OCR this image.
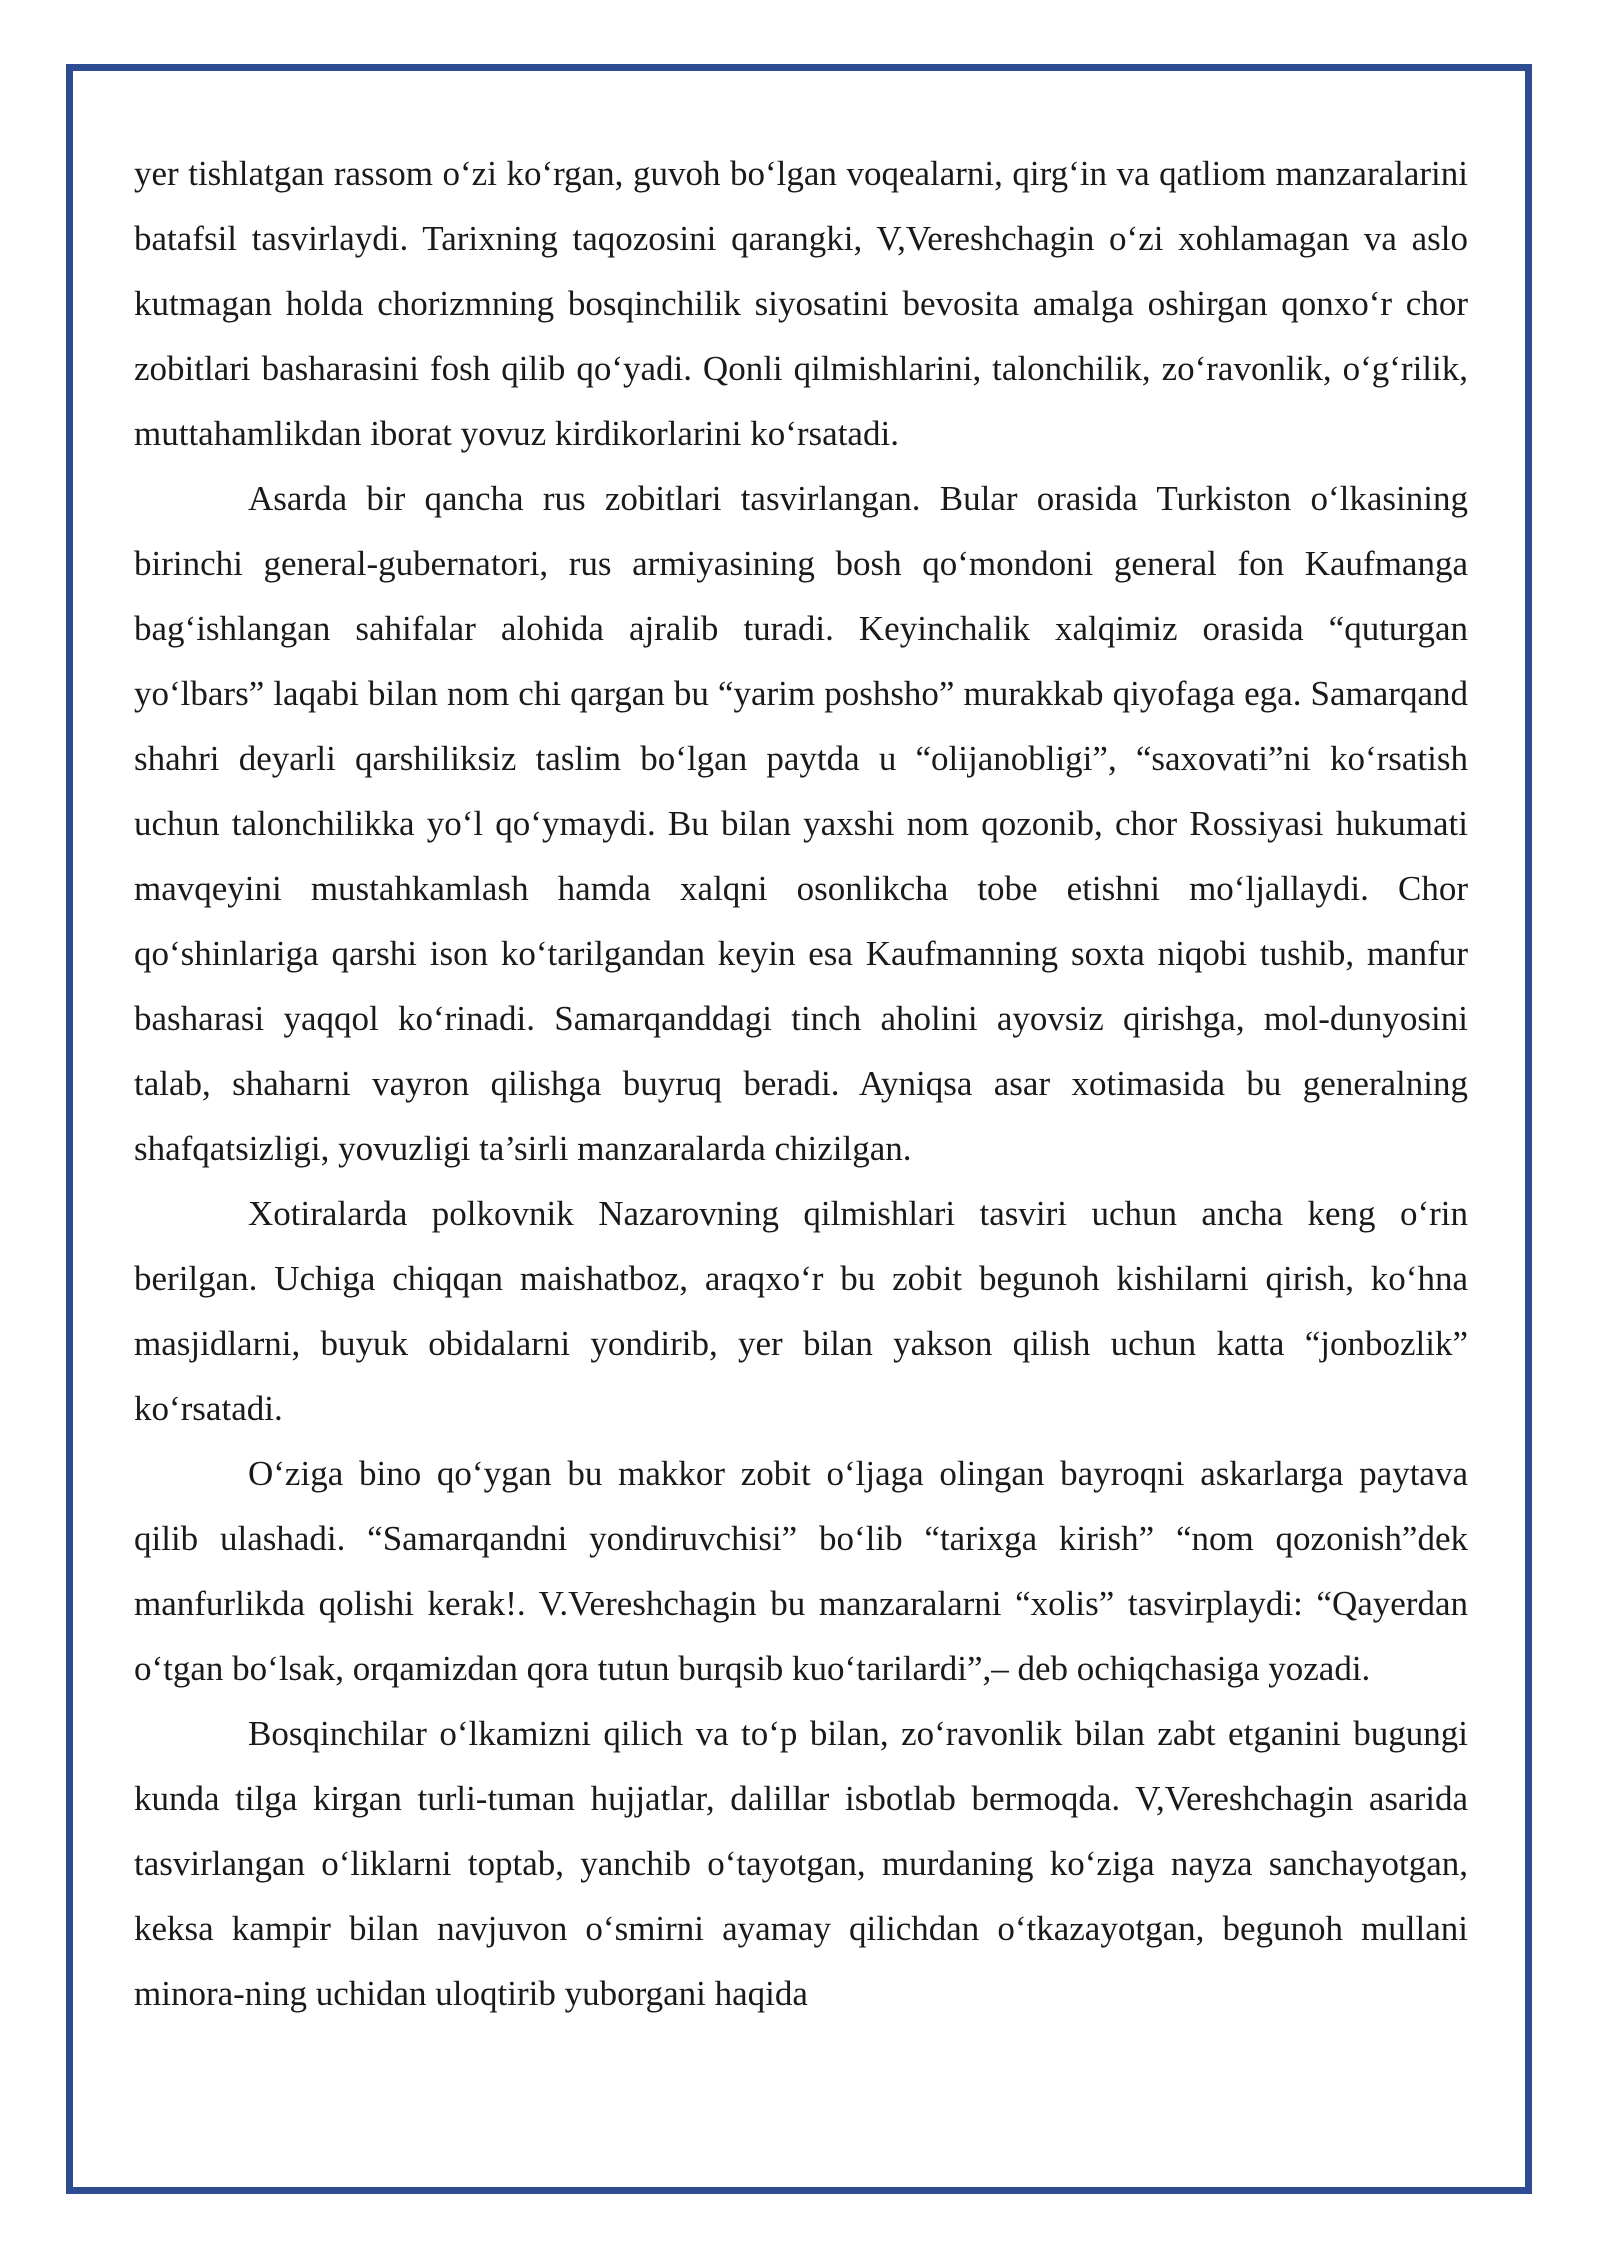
yer tishlatgan rassom o‘zi ko‘rgan, guvoh bo‘lgan voqealarni, qirg‘in va qatliom manzaralarini batafsil tasvirlaydi. Tarixning taqozosini qarangki, V,Vereshchagin o‘zi xohlamagan va aslo kutmagan holda chorizmning bosqinchilik siyosatini bevosita amalga oshirgan qonxo‘r chor zobitlari basharasini fosh qilib qo‘yadi. Qonli qilmishlarini, talonchilik, zo‘ravonlik, o‘g‘rilik, muttahamlikdan iborat yovuz kirdikorlarini ko‘rsatadi.

Asarda bir qancha rus zobitlari tasvirlangan. Bular orasida Turkiston o‘lkasining birinchi general-gubernatori, rus armiyasining bosh qo‘mondoni general fon Kaufmanga bag‘ishlangan sahifalar alohida ajralib turadi. Keyinchalik xalqimiz orasida “quturgan yo‘lbars” laqabi bilan nom chi qargan bu “yarim poshsho” murakkab qiyofaga ega. Samarqand shahri deyarli qarshiliksiz taslim bo‘lgan paytda u “olijanobligi”, “saxovati”ni ko‘rsatish uchun talonchilikka yo‘l qo‘ymaydi. Bu bilan yaxshi nom qozonib, chor Rossiyasi hukumati mavqeyini mustahkamlash hamda xalqni osonlikcha tobe etishni mo‘ljallaydi. Chor qo‘shinlariga qarshi ison ko‘tarilgandan keyin esa Kaufmanning soxta niqobi tushib, manfur basharasi yaqqol ko‘rinadi. Samarqanddagi tinch aholini ayovsiz qirishga, mol-dunyosini talab, shaharni vayron qilishga buyruq beradi. Ayniqsa asar xotimasida bu generalning shafqatsizligi, yovuzligi ta’sirli manzaralarda chizilgan.

Xotiralarda polkovnik Nazarovning qilmishlari tasviri uchun ancha keng o‘rin berilgan. Uchiga chiqqan maishatboz, araqxo‘r bu zobit begunoh kishilarni qirish, ko‘hna masjidlarni, buyuk obidalarni yondirib, yer bilan yakson qilish uchun katta “jonbozlik” ko‘rsatadi.

O‘ziga bino qo‘ygan bu makkor zobit o‘ljaga olingan bayroqni askarlarga paytava qilib ulashadi. “Samarqandni yondiruvchisi” bo‘lib “tarixga kirish” “nom qozonish”dek manfurlikda qolishi kerak!. V.Vereshchagin bu manzaralarni “xolis” tasvirplaydi: “Qayerdan o‘tgan bo‘lsak, orqamizdan qora tutun burqsib kuo‘tarilardi”,– deb ochiqchasiga yozadi.

Bosqinchilar o‘lkamizni qilich va to‘p bilan, zo‘ravonlik bilan zabt etganini bugungi kunda tilga kirgan turli-tuman hujjatlar, dalillar isbotlab bermoqda. V,Vereshchagin asarida tasvirlangan o‘liklarni toptab, yanchib o‘tayotgan, murdaning ko‘ziga nayza sanchayotgan, keksa kampir bilan navjuvon o‘smirni ayamay qilichdan o‘tkazayotgan, begunoh mullani minora-ning uchidan uloqtirib yuborgani haqida
